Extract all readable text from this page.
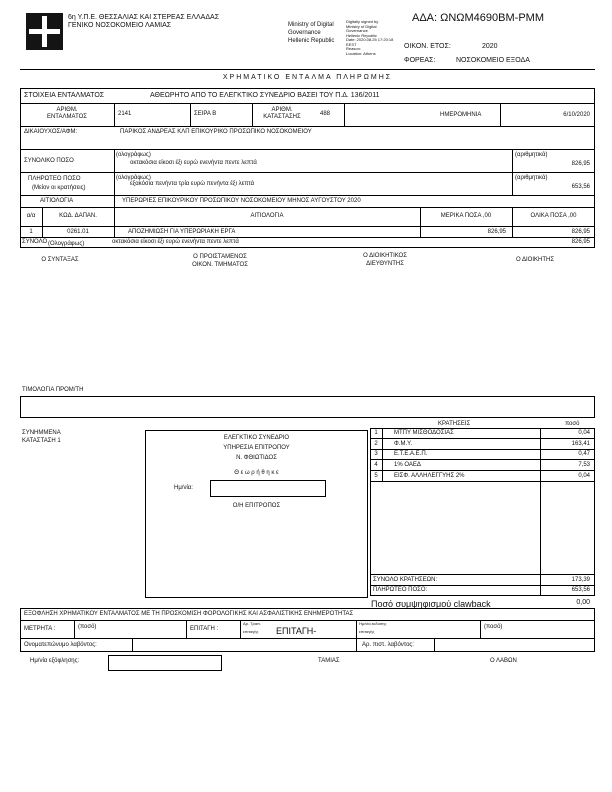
6η Υ.Π.Ε. ΘΕΣΣΑΛΙΑΣ ΚΑΙ ΣΤΕΡΕΑΣ ΕΛΛΑΔΑΣ
ΓΕΝΙΚΟ ΝΟΣΟΚΟΜΕΙΟ ΛΑΜΙΑΣ	Ministry of Digital
Governance
Hellenic Republic
Digitally signed by
Ministry of Digital
Governance
Hellenic Republic
Date: 2020.08.25 17:20:18
EEST
Reason:
Location: Athens
ΑΔΑ: ΩΝΩΜ4690ΒΜ-ΡΜΜ
ΟΙΚΟΝ. ΕΤΟΣ:	2020
ΦΟΡΕΑΣ:	ΝΟΣΟΚΟΜΕΙΟ ΕΞΟΔΑ
ΧΡΗΜΑΤΙΚΟ ΕΝΤΑΛΜΑ ΠΛΗΡΩΜΗΣ
ΣΤΟΙΧΕΙΑ ΕΝΤΑΛΜΑΤΟΣ	ΑΘΕΩΡΗΤΟ ΑΠΟ ΤΟ ΕΛΕΓΚΤΙΚΟ ΣΥΝΕΔΡΙΟ ΒΑΣΕΙ ΤΟΥ Π.Δ. 136/2011
ΑΡΙΘΜ.
ΕΝΤΑΛΜΑΤΟΣ	2141	ΣΕΙΡΑ Β
ΑΡΙΘΜ.
ΚΑΤΑΣΤΑΣΗΣ	488	ΗΜΕΡΟΜΗΝΙΑ	6/10/2020
ΔΙΚΑΙΟΥΧΟΣ/ΑΦΜ:	ΠΑΡΙΚΟΣ ΑΝΔΡΕΑΣ ΚΛΠ ΕΠΙΚΟΥΡΙΚΟ ΠΡΟΣΩΠΙΚΟ ΝΟΣΟΚΟΜΕΙΟΥ
ΣΥΝΟΛΙΚΟ ΠΟΣΟ
(ολογράφως)
οκτακόσια είκοσι έξι ευρώ ενενήντα πεντε λεπτά
(αριθμητικά)
826,95
ΠΛΗΡΩΤΕΟ ΠΟΣΟ
(Μείον οι κρατήσεις)
(ολογράφως)
εξακόσια πενήντα τρία ευρώ πενήντα έξι λεπτά
(αριθμητικά)
653,56
ΑΙΤΙΟΛΟΓΙΑ	ΥΠΕΡΩΡΙΕΣ ΕΠΙΚΟΥΡΙΚΟΥ ΠΡΟΣΩΠΙΚΟΥ ΝΟΣΟΚΟΜΕΙΟΥ ΜΗΝΟΣ ΑΥΓΟΥΣΤΟΥ 2020
α/α	ΚΩΔ. ΔΑΠΑΝ.	ΑΙΤΙΟΛΟΓΙΑ	ΜΕΡΙΚΑ ΠΟΣΑ ,00	ΟΛΙΚΑ ΠΟΣΑ ,00
1	0261.01	ΑΠΟΖΗΜΙΩΣΗ ΓΙΑ ΥΠΕΡΩΡΙΑΚΗ ΕΡΓΑ	826,95	826,95
ΣΥΝΟΛΟ (Ολογράφως)	οκτακόσια είκοσι έξι ευρώ ενενήντα πεντε λεπτά	826,95
Ο ΣΥΝΤΑΞΑΣ	Ο ΠΡΟΙΣΤΑΜΕΝΟΣ
ΟΙΚΟΝ. ΤΜΗΜΑΤΟΣ
Ο ΔΙΟΙΚΗΤΙΚΟΣ
ΔΙΕΥΘΥΝΤΗΣ
Ο ΔΙΟΙΚΗΤΗΣ
ΤΙΜΟΛΟΓΙΑ ΠΡΟΜ/ΤΗ
ΣΥΝΗΜΜΕΝΑ
ΚΑΤΑΣΤΑΣΗ 1	ΕΛΕΓΚΤΙΚΟ ΣΥΝΕΔΡΙΟ
ΥΠΗΡΕΣΙΑ ΕΠΙΤΡΟΠΟΥ
Ν. ΦΘΙΩΤΙΔΟΣ
Θ ε ω ρ ή θ η κ ε
Ημ/νία:
Ο/Η ΕΠΙΤΡΟΠΟΣ
ΚΡΑΤΗΣΕΙΣ	ποσό
1	ΜΤΠΥ ΜΙΣΘΟΔΟΣΙΑΣ	0,04
2	Φ.Μ.Υ.	163,41
3	Ε.Τ.Ε.Α.Ε.Π.	0,47
4	1% ΟΑΕΔ	7,53
5	ΕΙΣΦ. ΑΛΛΗΛΕΓΓΥΗΣ 2%	0,04
ΣΥΝΟΛΟ ΚΡΑΤΗΣΕΩΝ:	173,39
ΠΛΗΡΩΤΕΟ ΠΟΣΟ:	653,56
Ποσό συμψηφισμού clawback	0,00
ΕΞΟΦΛΗΣΗ ΧΡΗΜΑΤΙΚΟΥ ΕΝΤΑΛΜΑΤΟΣ ΜΕ ΤΗ ΠΡΟΣΚΟΜΙΣΗ ΦΟΡΟΛΟΓΙΚΗΣ ΚΑΙ ΑΣΦΑΛΙΣΤΙΚΗΣ ΕΝΗΜΕΡΟΤΗΤΑΣ
ΜΕΤΡΗΤΑ :	(ποσό)	ΕΠΙΤΑΓΗ :
Αρ. Τραπ.
επιταγής ΕΠΙΤΑΓΗ-
Ημ/νία εκδοσης
επιταγής
(ποσό)
Ονοματεπώνυμο λαβόντος:	Αρ. πιστ. λαβόντος:
Ημ/νία εξόφλησης:	ΤΑΜΙΑΣ	Ο ΛΑΒΩΝ
